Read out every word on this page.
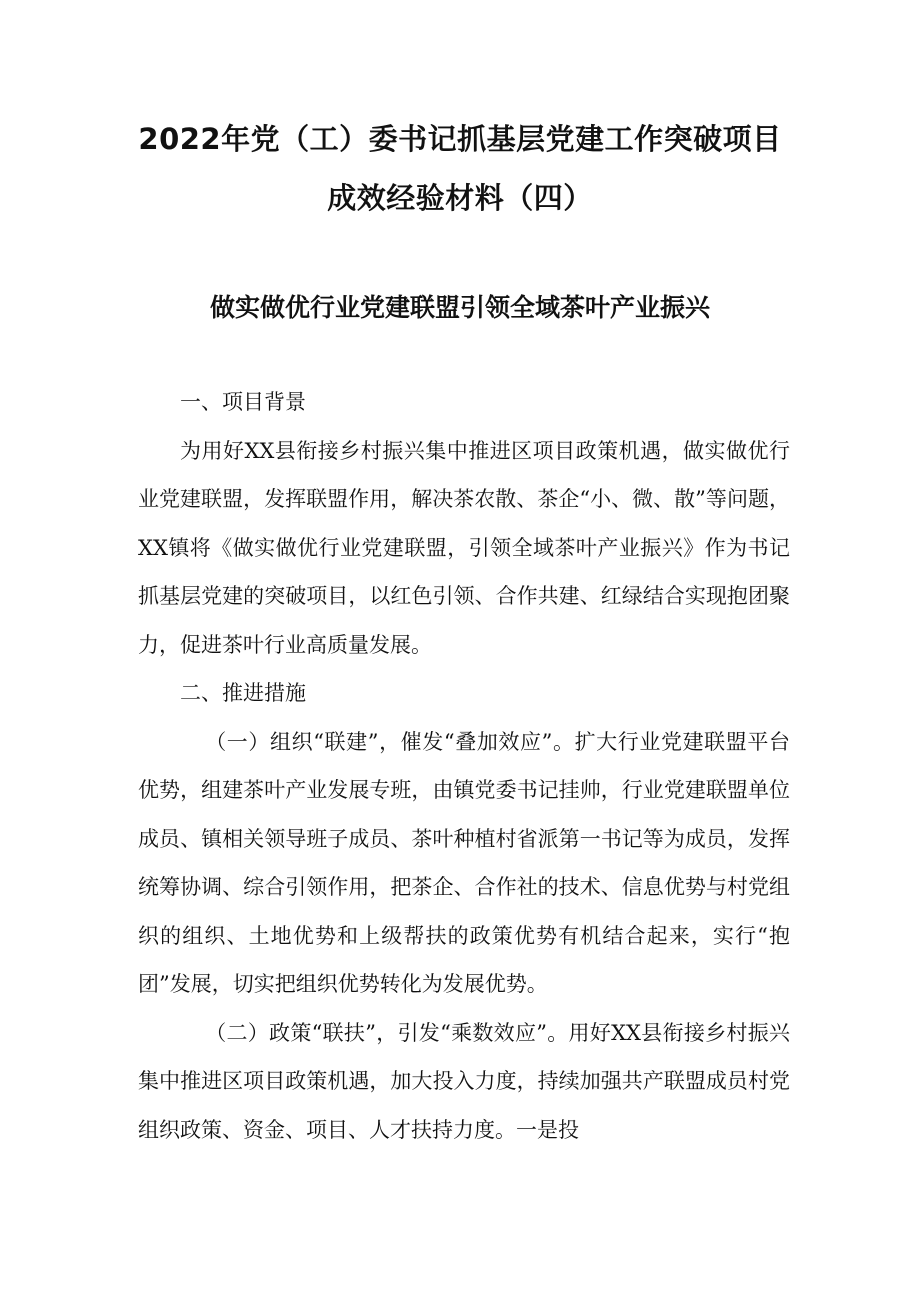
2022年党（工）委书记抓基层党建工作突破项目
成效经验材料（四）
做实做优行业党建联盟引领全域茶叶产业振兴

一、项目背景

为用好XX县衔接乡村振兴集中推进区项目政策机遇，做实做优行业党建联盟，发挥联盟作用，解决茶农散、茶企“小、微、散”等问题，XX镇将《做实做优行业党建联盟，引领全域茶叶产业振兴》作为书记抓基层党建的突破项目，以红色引领、合作共建、红绿结合实现抱团聚力，促进茶叶行业高质量发展。

二、推进措施

（一）组织“联建”，催发“叠加效应”。扩大行业党建联盟平台优势，组建茶叶产业发展专班，由镇党委书记挂帅，行业党建联盟单位成员、镇相关领导班子成员、茶叶种植村省派第一书记等为成员，发挥统筹协调、综合引领作用，把茶企、合作社的技术、信息优势与村党组织的组织、土地优势和上级帮扶的政策优势有机结合起来，实行“抱团”发展，切实把组织优势转化为发展优势。

（二）政策“联扶”，引发“乘数效应”。用好XX县衔接乡村振兴集中推进区项目政策机遇，加大投入力度，持续加强共产联盟成员村党组织政策、资金、项目、人才扶持力度。一是投
